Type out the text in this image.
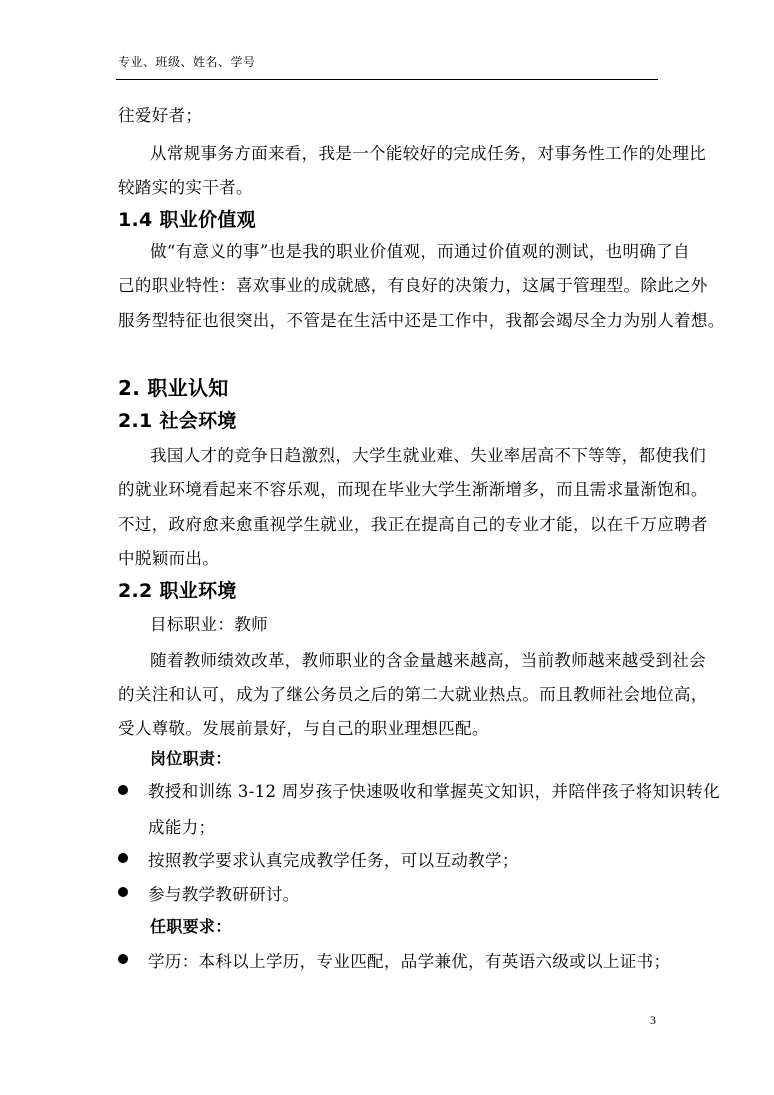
专业、班级、姓名、学号
往爱好者；
从常规事务方面来看，我是一个能较好的完成任务，对事务性工作的处理比
较踏实的实干者。
1.4 职业价值观
做“有意义的事”也是我的职业价值观，而通过价值观的测试，也明确了自
己的职业特性：喜欢事业的成就感，有良好的决策力，这属于管理型。除此之外
服务型特征也很突出，不管是在生活中还是工作中，我都会竭尽全力为别人着想。
2. 职业认知
2.1 社会环境
我国人才的竞争日趋激烈，大学生就业难、失业率居高不下等等，都使我们
的就业环境看起来不容乐观，而现在毕业大学生渐渐增多，而且需求量渐饱和。
不过，政府愈来愈重视学生就业，我正在提高自己的专业才能，以在千万应聘者
中脱颖而出。
2.2 职业环境
目标职业：教师
随着教师绩效改革，教师职业的含金量越来越高，当前教师越来越受到社会
的关注和认可，成为了继公务员之后的第二大就业热点。而且教师社会地位高，
受人尊敬。发展前景好，与自己的职业理想匹配。
岗位职责：
教授和训练 3-12 周岁孩子快速吸收和掌握英文知识，并陪伴孩子将知识转化
成能力；
按照教学要求认真完成教学任务，可以互动教学；
参与教学教研研讨。
任职要求：
学历：本科以上学历，专业匹配，品学兼优，有英语六级或以上证书；
3
